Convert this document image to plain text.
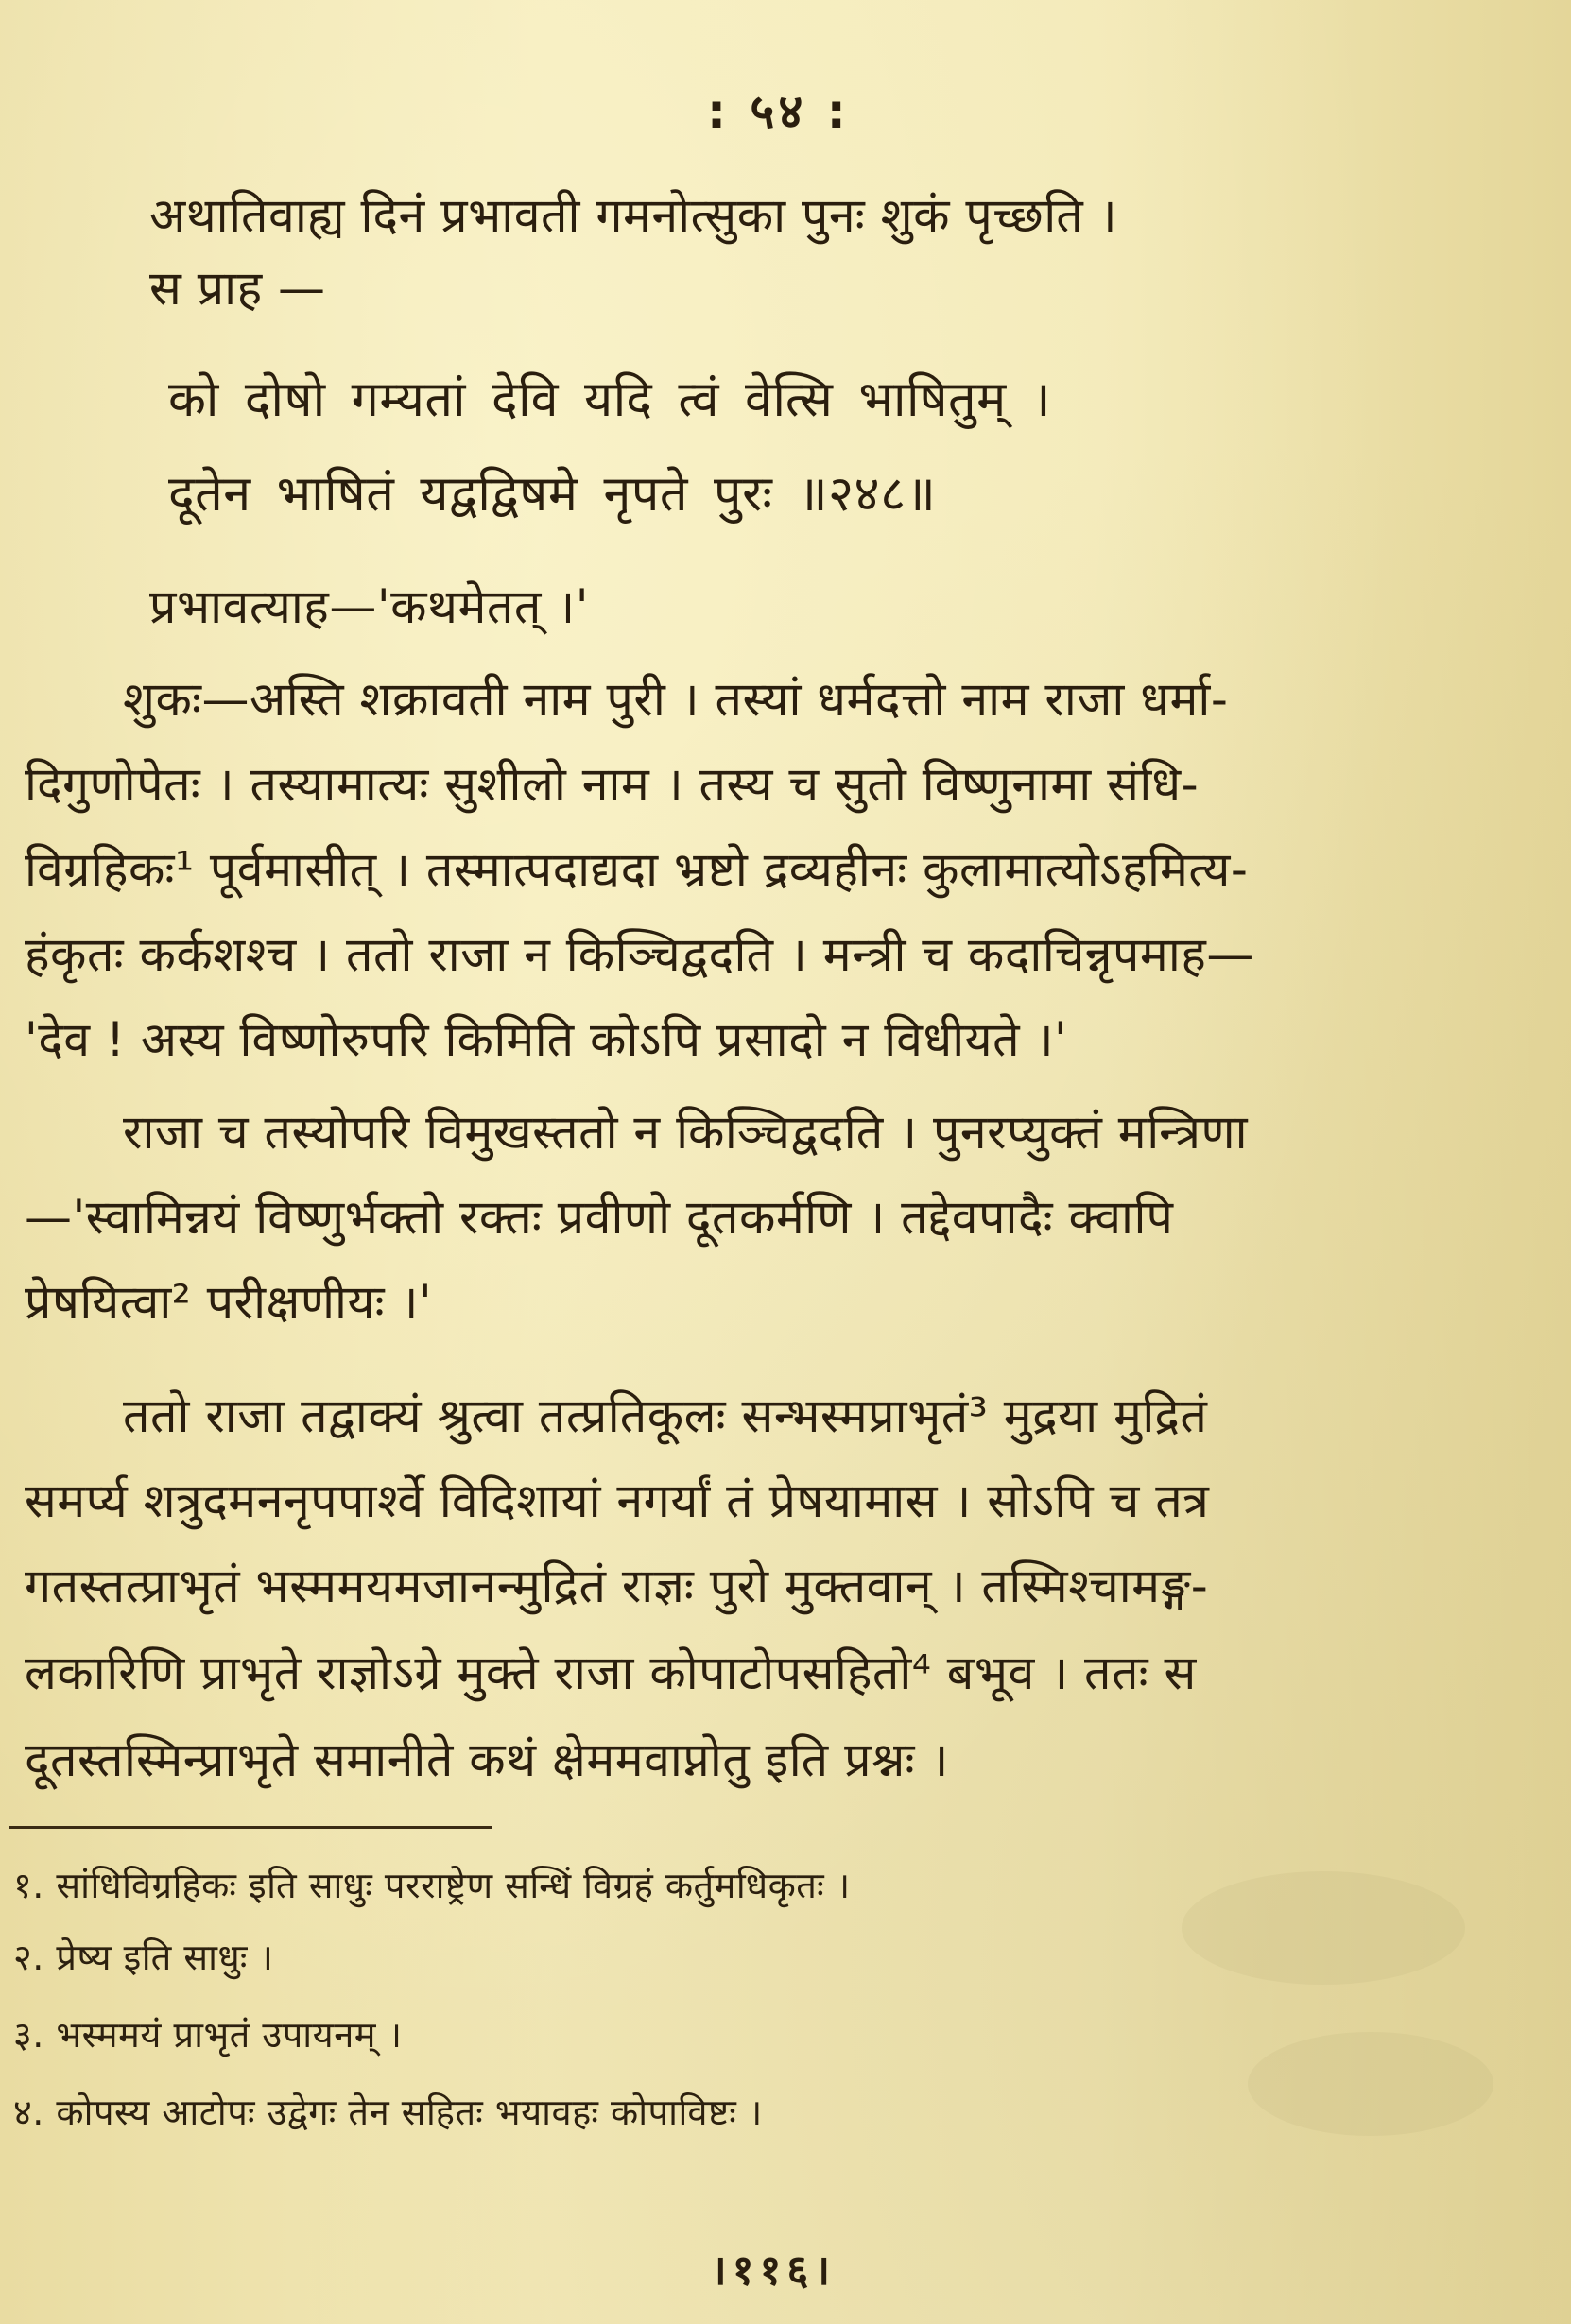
: ५४ :
अथातिवाह्य दिनं प्रभावती गमनोत्सुका पुनः शुकं पृच्छति ।
स प्राह —
को दोषो गम्यतां देवि यदि त्वं वेत्सि भाषितुम् ।
दूतेन भाषितं यद्वद्विषमे नृपते पुरः ॥२४८॥
प्रभावत्याह—'कथमेतत् ।'
शुकः—अस्ति शक्रावती नाम पुरी । तस्यां धर्मदत्तो नाम राजा धर्मा-
दिगुणोपेतः । तस्यामात्यः सुशीलो नाम । तस्य च सुतो विष्णुनामा संधि-
विग्रहिकः¹ पूर्वमासीत् । तस्मात्पदाद्यदा भ्रष्टो द्रव्यहीनः कुलामात्योऽहमित्य-
हंकृतः कर्कशश्च । ततो राजा न किञ्चिद्वदति । मन्त्री च कदाचिन्नृपमाह—
'देव ! अस्य विष्णोरुपरि किमिति कोऽपि प्रसादो न विधीयते ।'
राजा च तस्योपरि विमुखस्ततो न किञ्चिद्वदति । पुनरप्युक्तं मन्त्रिणा
—'स्वामिन्नयं विष्णुर्भक्तो रक्तः प्रवीणो दूतकर्मणि । तद्देवपादैः क्वापि
प्रेषयित्वा² परीक्षणीयः ।'
ततो राजा तद्वाक्यं श्रुत्वा तत्प्रतिकूलः सन्भस्मप्राभृतं³ मुद्रया मुद्रितं
समर्प्य शत्रुदमननृपपार्श्वे विदिशायां नगर्यां तं प्रेषयामास । सोऽपि च तत्र
गतस्तत्प्राभृतं भस्ममयमजानन्मुद्रितं राज्ञः पुरो मुक्तवान् । तस्मिश्चामङ्ग-
लकारिणि प्राभृते राज्ञोऽग्रे मुक्ते राजा कोपाटोपसहितो⁴ बभूव । ततः स
दूतस्तस्मिन्प्राभृते समानीते कथं क्षेममवाप्नोतु इति प्रश्नः ।
१. सांधिविग्रहिकः इति साधुः परराष्ट्रेण सन्धिं विग्रहं कर्तुमधिकृतः ।
२. प्रेष्य इति साधुः ।
३. भस्ममयं प्राभृतं उपायनम् ।
४. कोपस्य आटोपः उद्वेगः तेन सहितः भयावहः कोपाविष्टः ।
।११६।
